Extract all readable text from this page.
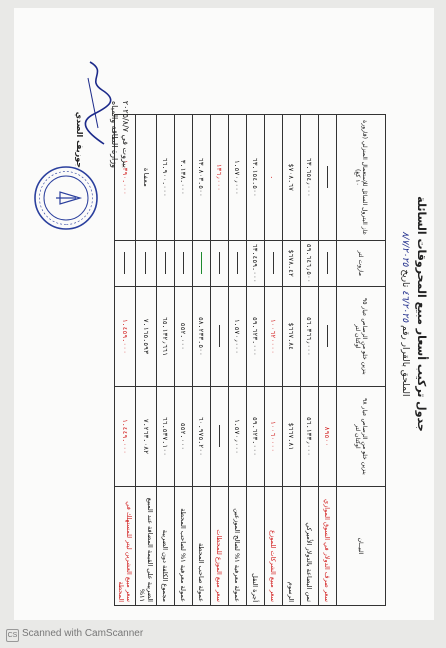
جدول تركيب أسعار مبيع المحروقات السائلة
الملحق بالقرار رقم ٤٦/٢٠٢٥ تاريخ ٨/٧/٢٠٢٥
البيــان	بنزين خلو من الرصاص عيار ٩٨ اوكتان لتر	بنزين خلو من الرصاص عيار ٩٥ اوكتان لتر	مازوت لتر	غاز البترول السائل للإستعمال المنزلي (قارورة ١٠ كغ)
سعر صرف الدولار في السوق الموازي	٨٩٥٠٠			
ثمن البضاعة بالدولار الأميركي	٥٦.١٣٣٫٠٠٠	٥٦.٣٦٦٫٠٠٠	٥٩.٦٤٦٫٥٠٠	٦٣.٦٥٤٫٠٠٠
الرسوم	٦٦٧.٨١$	٦٦٧.٨٤$	٦٧٨.٤٢$	٧٠٨.٦٧$
سعر مبيع الشركات للموزع	١٠٠٦٠٠٠٠	١٠٠٦٢٠٠٠٠		.
أجرة النقل	٥٩.٦٢٣.٠٠٠	٥٩.٦٢٣.٠٠٠	٦٣.٤٥٩.٠٠٠	٦٣.١٥٤.٥٠٠
عمولة معرفية ١% لصالح الموزعين	١.٥٧٠٫٠٠٠	١.٥٧٠٫٠٠٠		١.٥٧٠٫٠٠٠
سعر مبيع الموزع للمحطات				١٣٦٫٠٠٠
عمولة صاحب المحطة	٦٠.٩٧٥.٢٠٠	٥٨.٢٣٣.٥٠٠		٦٣.٨٠٣.٥٠٠
عمولة معرفية ١% لصاحب المحطة	٥٥٢.٠٠٠	٥٥٢.٠٠٠		٣.١٣٨.٠٠٠
مجموع الكلفة دون الضريبة	٦٦.٥٣٧.١٠٠	٦٥.١٣٢٫٦٦١		٦٦.٩٠٠.٠٠٠
الضريبة على القيمة المضافة عند المبيع ١١%	٧.٢٦٣.٠٨٢	٧.١٦٥.٥٩٣		معفاة
سعر مبيع العشرين ليتر للمستهلك في المحطة	١.٤٤٩.٠٠٠	١.٤٥٩.٠٠٠		١.٣٩٠.٠٠٠
بيروت في ٢٠٢٥/٨/٧
وزارة الطاقة والمياه
جوزيف الصدي
CS Scanned with CamScanner
